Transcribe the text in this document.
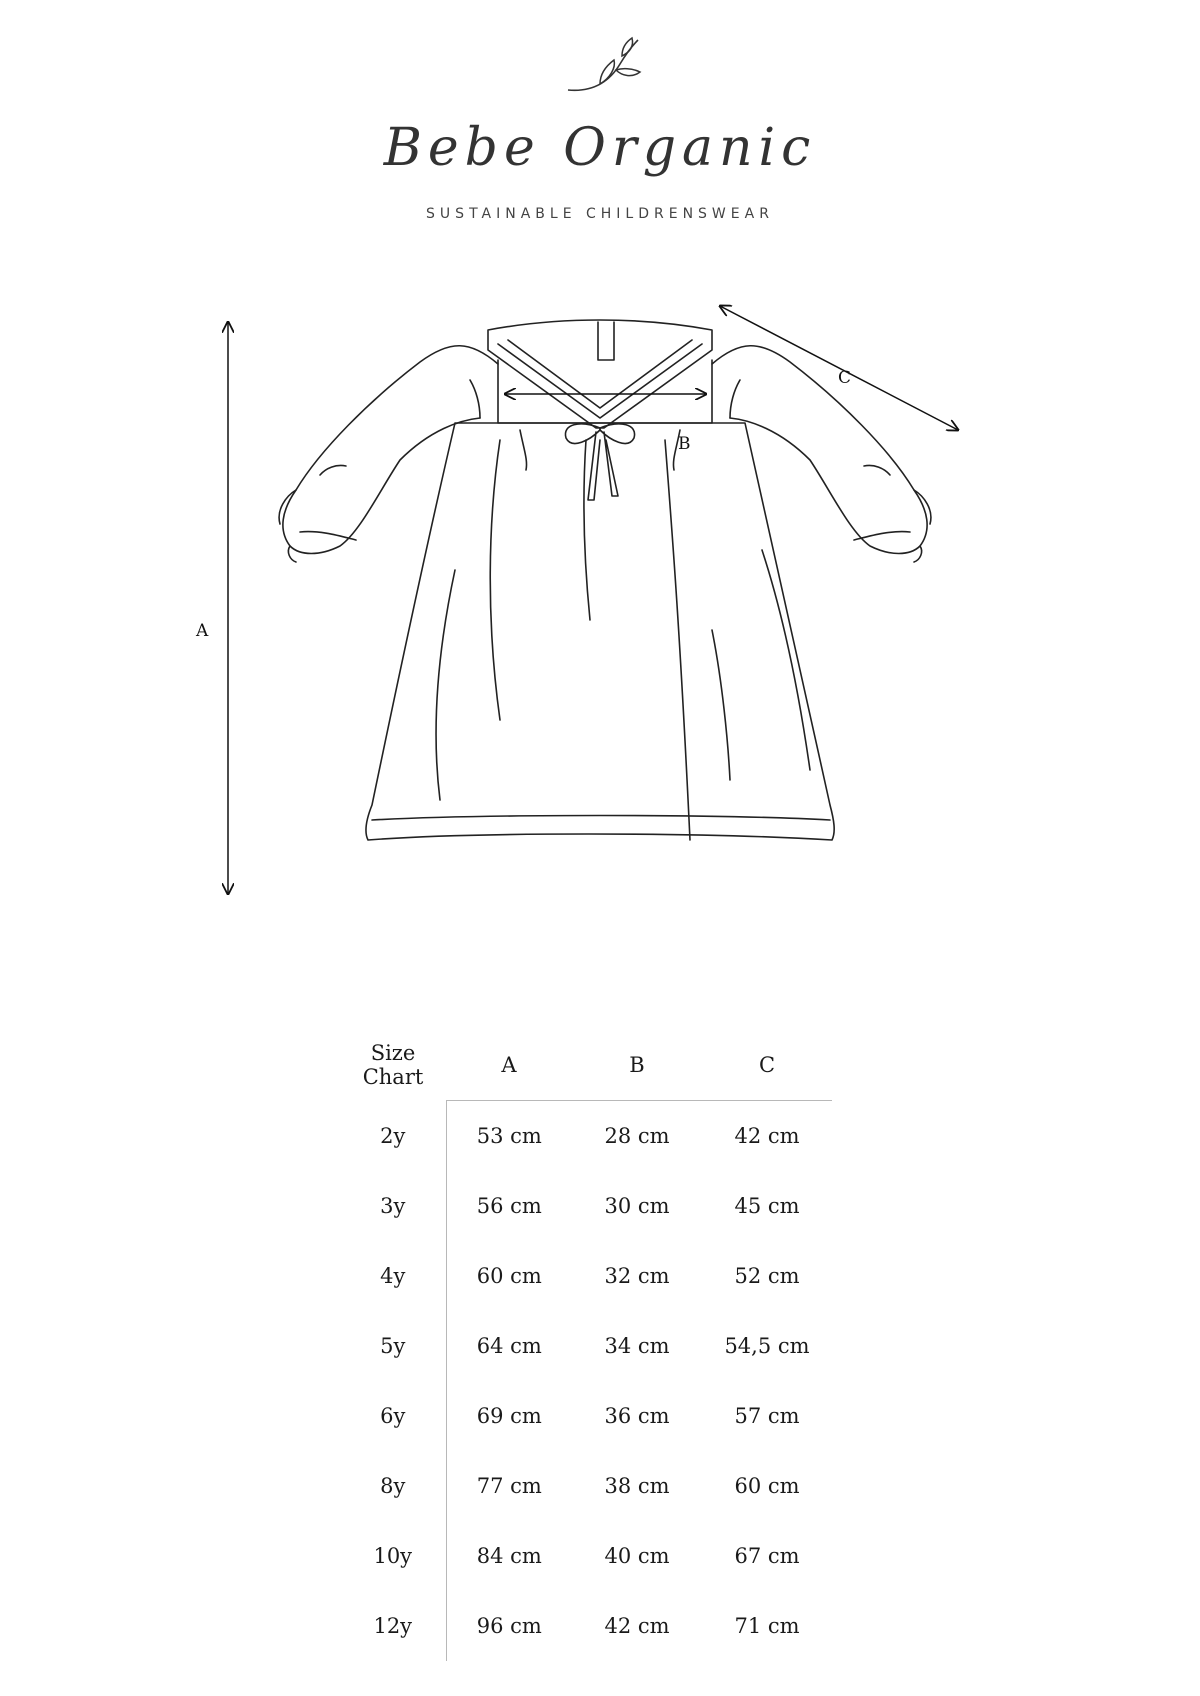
Bebe Organic
SUSTAINABLE CHILDRENSWEAR
A
B
C
Size
Chart	A	B	C
2y	53 cm	28 cm	42 cm
3y	56 cm	30 cm	45 cm
4y	60 cm	32 cm	52 cm
5y	64 cm	34 cm	54,5 cm
6y	69 cm	36 cm	57 cm
8y	77 cm	38 cm	60 cm
10y	84 cm	40 cm	67 cm
12y	96 cm	42 cm	71 cm
